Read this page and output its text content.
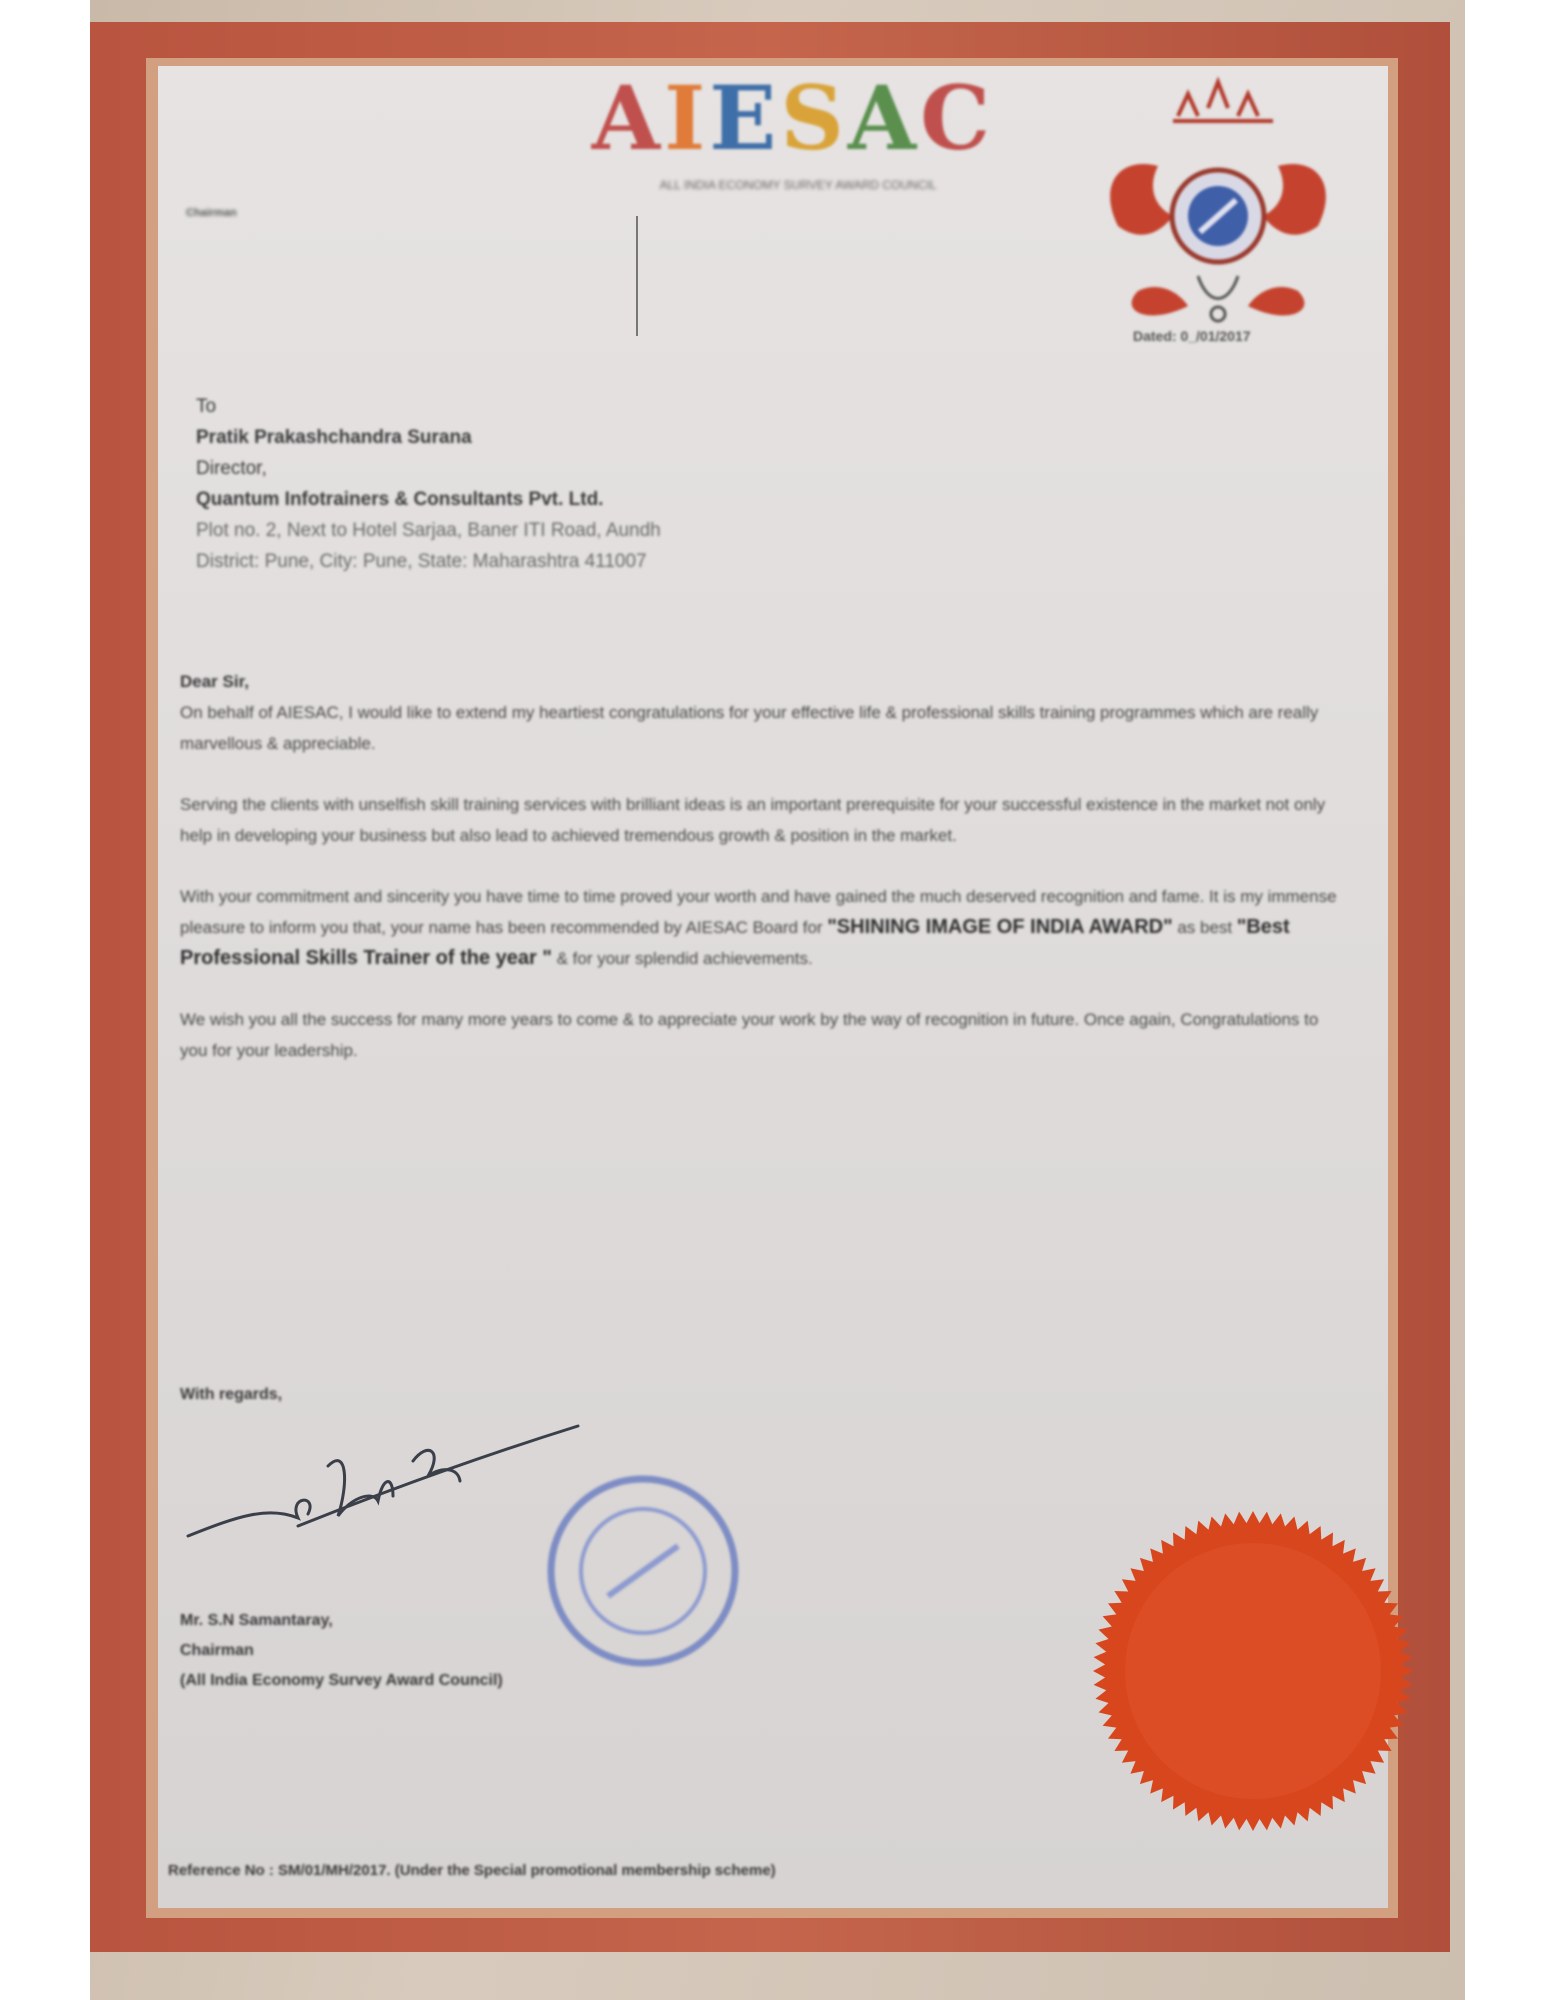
AIESAC
ALL INDIA ECONOMY SURVEY AWARD COUNCIL
Chairman
Dated: 0_/01/2017
To
Pratik Prakashchandra Surana
Director,
Quantum Infotrainers & Consultants Pvt. Ltd.
Plot no. 2, Next to Hotel Sarjaa, Baner ITI Road, Aundh
District: Pune, City: Pune, State: Maharashtra 411007

Dear Sir,

On behalf of AIESAC, I would like to extend my heartiest congratulations for your effective life & professional skills training programmes which are really marvellous & appreciable.

Serving the clients with unselfish skill training services with brilliant ideas is an important prerequisite for your successful existence in the market not only help in developing your business but also lead to achieved tremendous growth & position in the market.

With your commitment and sincerity you have time to time proved your worth and have gained the much deserved recognition and fame. It is my immense pleasure to inform you that, your name has been recommended by AIESAC Board for "SHINING IMAGE OF INDIA AWARD" as best "Best Professional Skills Trainer of the year " & for your splendid achievements.

We wish you all the success for many more years to come & to appreciate your work by the way of recognition in future. Once again, Congratulations to you for your leadership.

With regards,
Mr. S.N Samantaray,
Chairman
(All India Economy Survey Award Council)
Reference No : SM/01/MH/2017. (Under the Special promotional membership scheme)
